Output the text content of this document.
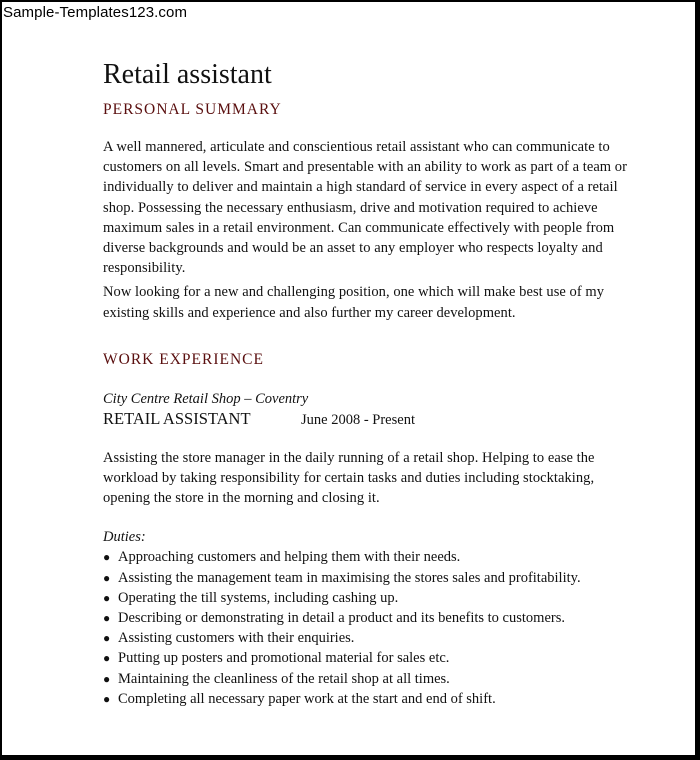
Sample-Templates123.com
Retail assistant
PERSONAL SUMMARY

A well mannered, articulate and conscientious retail assistant who can communicate to customers on all levels. Smart and presentable with an ability to work as part of a team or individually to deliver and maintain a high standard of service in every aspect of a retail shop. Possessing the necessary enthusiasm, drive and motivation required to achieve maximum sales in a retail environment. Can communicate effectively with people from diverse backgrounds and would be an asset to any employer who respects loyalty and responsibility.

Now looking for a new and challenging position, one which will make best use of my existing skills and experience and also further my career development.

WORK EXPERIENCE
City Centre Retail Shop – Coventry
RETAIL ASSISTANT	June 2008 - Present

Assisting the store manager in the daily running of a retail shop. Helping to ease the workload by taking responsibility for certain tasks and duties including stocktaking, opening the store in the morning and closing it.

Duties:
● Approaching customers and helping them with their needs.
● Assisting the management team in maximising the stores sales and profitability.
● Operating the till systems, including cashing up.
● Describing or demonstrating in detail a product and its benefits to customers.
● Assisting customers with their enquiries.
● Putting up posters and promotional material for sales etc.
● Maintaining the cleanliness of the retail shop at all times.
● Completing all necessary paper work at the start and end of shift.
